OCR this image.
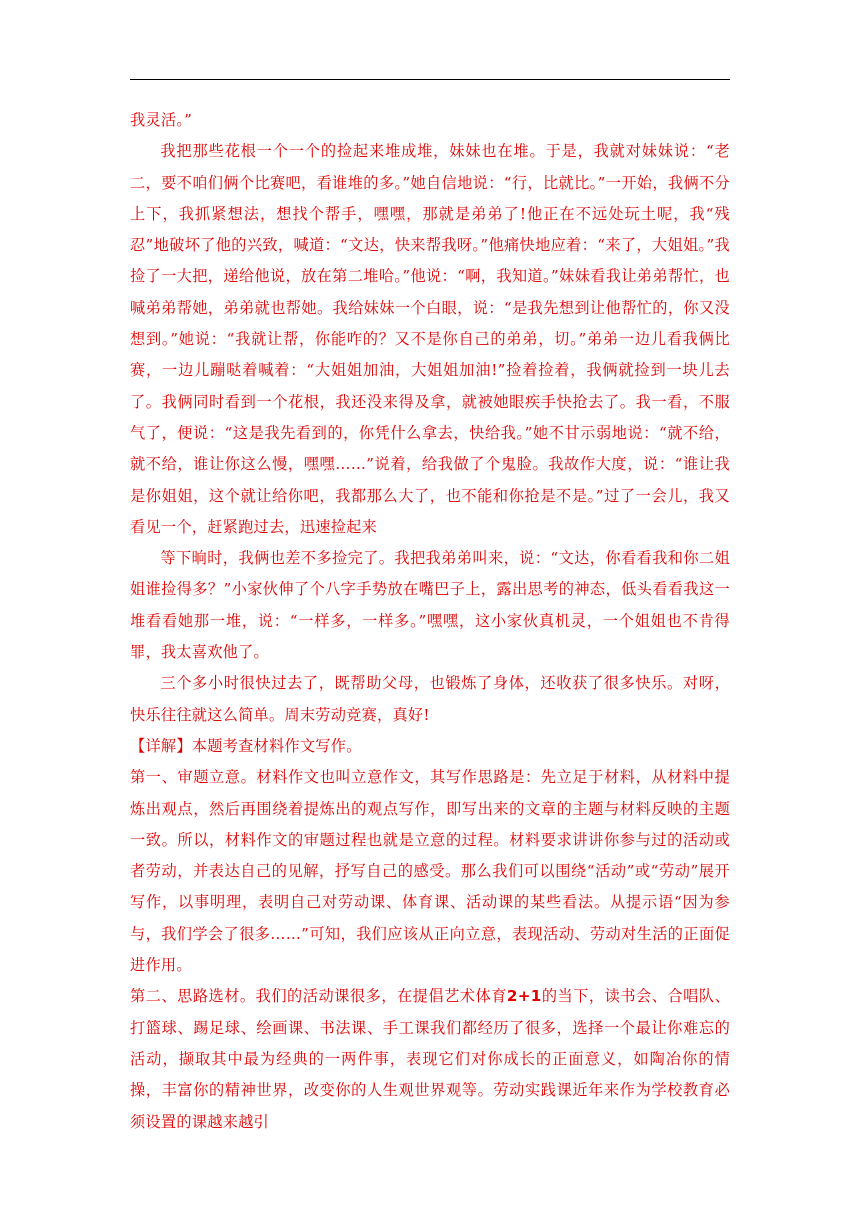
我灵活。”

我把那些花根一个一个的捡起来堆成堆，妹妹也在堆。于是，我就对妹妹说：“老二，要不咱们俩个比赛吧，看谁堆的多。”她自信地说：“行，比就比。”一开始，我俩不分上下，我抓紧想法，想找个帮手，嘿嘿，那就是弟弟了!他正在不远处玩土呢，我“残忍”地破坏了他的兴致，喊道：“文达，快来帮我呀。”他痛快地应着：“来了，大姐姐。”我捡了一大把，递给他说，放在第二堆哈。”他说：“啊，我知道。”妹妹看我让弟弟帮忙，也喊弟弟帮她，弟弟就也帮她。我给妹妹一个白眼，说：“是我先想到让他帮忙的，你又没想到。”她说：“我就让帮，你能咋的？又不是你自己的弟弟，切。”弟弟一边儿看我俩比赛，一边儿蹦哒着喊着：“大姐姐加油，大姐姐加油!”捡着捡着，我俩就捡到一块儿去了。我俩同时看到一个花根，我还没来得及拿，就被她眼疾手快抢去了。我一看，不服气了，便说：“这是我先看到的，你凭什么拿去，快给我。”她不甘示弱地说：“就不给，就不给，谁让你这么慢，嘿嘿……”说着，给我做了个鬼脸。我故作大度，说：“谁让我是你姐姐，这个就让给你吧，我都那么大了，也不能和你抢是不是。”过了一会儿，我又看见一个，赶紧跑过去，迅速捡起来

等下晌时，我俩也差不多捡完了。我把我弟弟叫来，说：“文达，你看看我和你二姐姐谁捡得多？”小家伙伸了个八字手势放在嘴巴子上，露出思考的神态，低头看看我这一堆看看她那一堆，说：“一样多，一样多。”嘿嘿，这小家伙真机灵，一个姐姐也不肯得罪，我太喜欢他了。

三个多小时很快过去了，既帮助父母，也锻炼了身体，还收获了很多快乐。对呀，快乐往往就这么简单。周末劳动竞赛，真好!

【详解】本题考查材料作文写作。

第一、审题立意。材料作文也叫立意作文，其写作思路是：先立足于材料，从材料中提炼出观点，然后再围绕着提炼出的观点写作，即写出来的文章的主题与材料反映的主题一致。所以，材料作文的审题过程也就是立意的过程。材料要求讲讲你参与过的活动或者劳动，并表达自己的见解，抒写自己的感受。那么我们可以围绕“活动”或“劳动”展开写作，以事明理，表明自己对劳动课、体育课、活动课的某些看法。从提示语“因为参与，我们学会了很多……”可知，我们应该从正向立意，表现活动、劳动对生活的正面促进作用。

第二、思路选材。我们的活动课很多，在提倡艺术体育2+1的当下，读书会、合唱队、打篮球、踢足球、绘画课、书法课、手工课我们都经历了很多，选择一个最让你难忘的活动，撷取其中最为经典的一两件事，表现它们对你成长的正面意义，如陶冶你的情操，丰富你的精神世界，改变你的人生观世界观等。劳动实践课近年来作为学校教育必须设置的课越来越引
